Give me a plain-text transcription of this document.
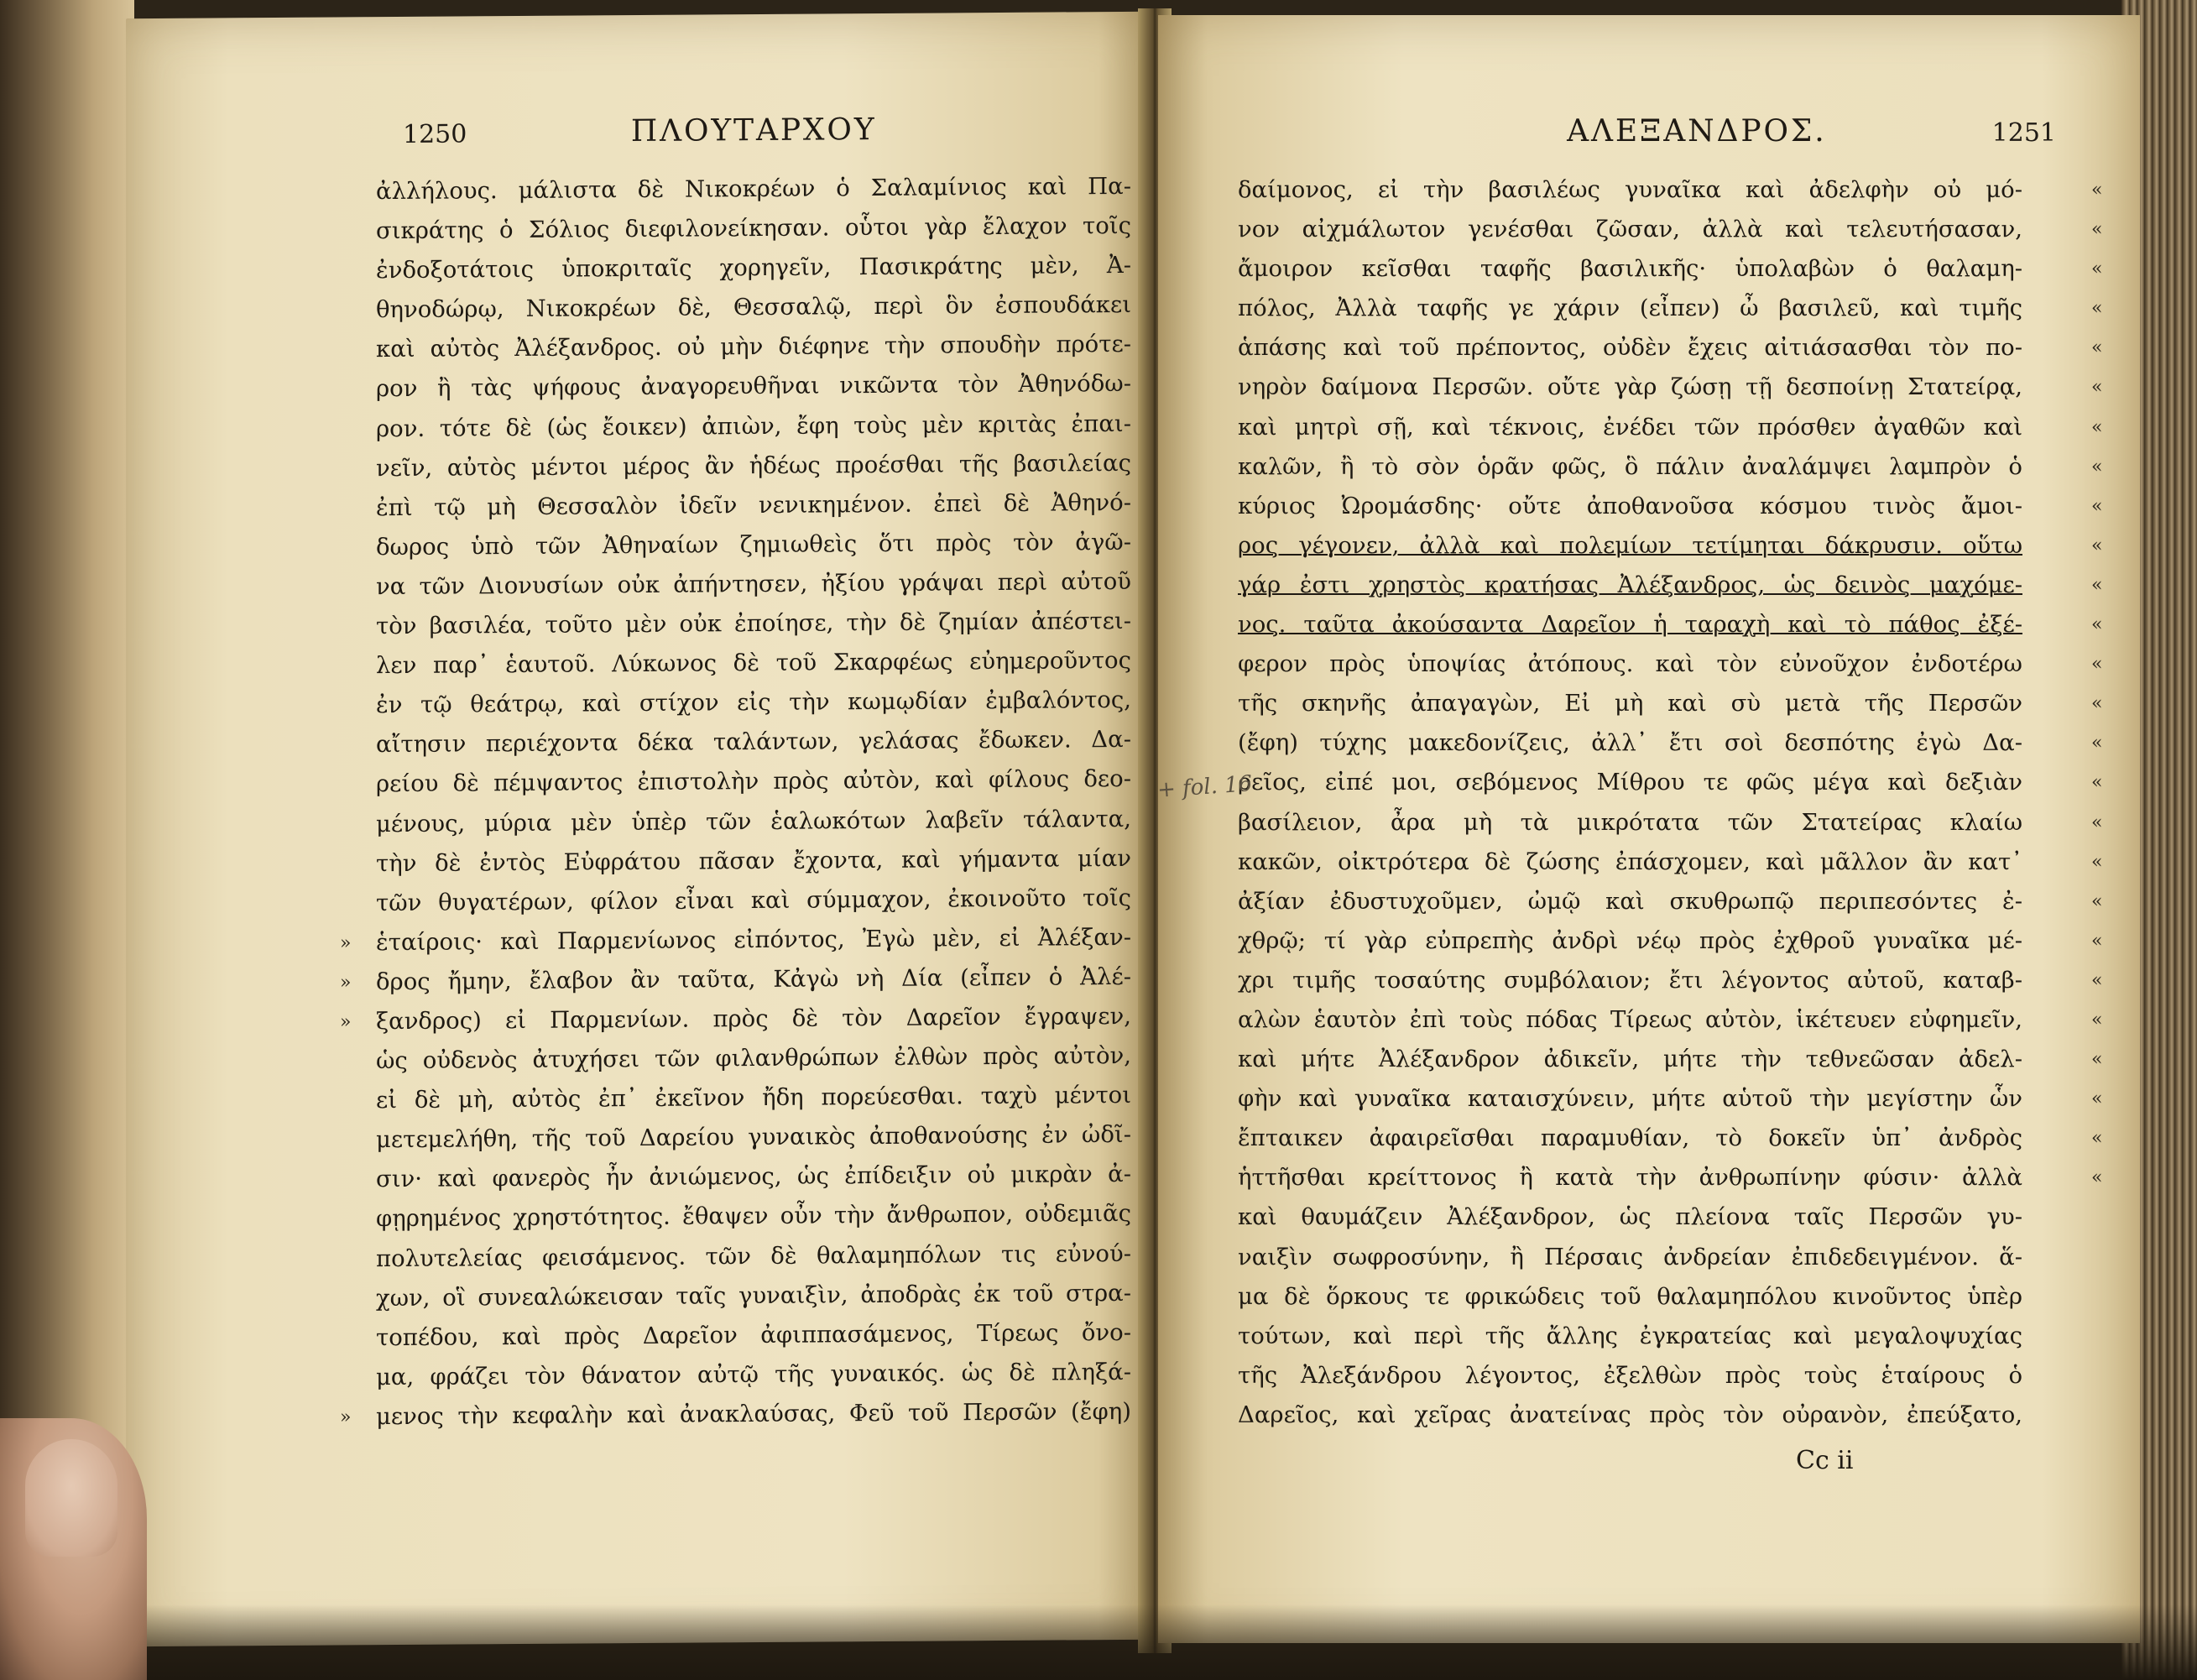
1250	ΠΛΟΥΤΑΡΧΟΥ
»
»
»
»
ἀλλήλους. μάλιστα δὲ Νικοκρέων ὁ Σαλαμίνιος καὶ Πα-
σικράτης ὁ Σόλιος διεφιλονείκησαν. οὗτοι γὰρ ἔλαχον τοῖς
ἐνδοξοτάτοις ὑποκριταῖς χορηγεῖν, Πασικράτης μὲν, Ἀ-
θηνοδώρῳ, Νικοκρέων δὲ, Θεσσαλῷ, περὶ ὃν ἐσπουδάκει
καὶ αὐτὸς Ἀλέξανδρος. οὐ μὴν διέφηνε τὴν σπουδὴν πρότε-
ρον ἢ τὰς ψήφους ἀναγορευθῆναι νικῶντα τὸν Ἀθηνόδω-
ρον. τότε δὲ (ὡς ἔοικεν) ἀπιὼν, ἔφη τοὺς μὲν κριτὰς ἐπαι-
νεῖν, αὐτὸς μέντοι μέρος ἂν ἡδέως προέσθαι τῆς βασιλείας
ἐπὶ τῷ μὴ Θεσσαλὸν ἰδεῖν νενικημένον. ἐπεὶ δὲ Ἀθηνό-
δωρος ὑπὸ τῶν Ἀθηναίων ζημιωθεὶς ὅτι πρὸς τὸν ἀγῶ-
να τῶν Διονυσίων οὐκ ἀπήντησεν, ἠξίου γράψαι περὶ αὐτοῦ
τὸν βασιλέα, τοῦτο μὲν οὐκ ἐποίησε, τὴν δὲ ζημίαν ἀπέστει-
λεν παρ᾽ ἑαυτοῦ. Λύκωνος δὲ τοῦ Σκαρφέως εὐημεροῦντος
ἐν τῷ θεάτρῳ, καὶ στίχον εἰς τὴν κωμῳδίαν ἐμβαλόντος,
αἴτησιν περιέχοντα δέκα ταλάντων, γελάσας ἔδωκεν. Δα-
ρείου δὲ πέμψαντος ἐπιστολὴν πρὸς αὐτὸν, καὶ φίλους δεο-
μένους, μύρια μὲν ὑπὲρ τῶν ἑαλωκότων λαβεῖν τάλαντα,
τὴν δὲ ἐντὸς Εὐφράτου πᾶσαν ἔχοντα, καὶ γήμαντα μίαν
τῶν θυγατέρων, φίλον εἶναι καὶ σύμμαχον, ἐκοινοῦτο τοῖς
ἑταίροις· καὶ Παρμενίωνος εἰπόντος, Ἐγὼ μὲν, εἰ Ἀλέξαν-
δρος ἤμην, ἔλαβον ἂν ταῦτα, Κἀγὼ νὴ Δία (εἶπεν ὁ Ἀλέ-
ξανδρος) εἰ Παρμενίων. πρὸς δὲ τὸν Δαρεῖον ἔγραψεν,
ὡς οὐδενὸς ἀτυχήσει τῶν φιλανθρώπων ἐλθὼν πρὸς αὐτὸν,
εἰ δὲ μὴ, αὐτὸς ἐπ᾽ ἐκεῖνον ἤδη πορεύεσθαι. ταχὺ μέντοι
μετεμελήθη, τῆς τοῦ Δαρείου γυναικὸς ἀποθανούσης ἐν ὠδῖ-
σιν· καὶ φανερὸς ἦν ἀνιώμενος, ὡς ἐπίδειξιν οὐ μικρὰν ἀ-
φῃρημένος χρηστότητος. ἔθαψεν οὖν τὴν ἄνθρωπον, οὐδεμιᾶς
πολυτελείας φεισάμενος. τῶν δὲ θαλαμηπόλων τις εὐνού-
χων, οἳ συνεαλώκεισαν ταῖς γυναιξὶν, ἀποδρὰς ἐκ τοῦ στρα-
τοπέδου, καὶ πρὸς Δαρεῖον ἀφιππασάμενος, Τίρεως ὄνο-
μα, φράζει τὸν θάνατον αὐτῷ τῆς γυναικός. ὡς δὲ πληξά-
μενος τὴν κεφαλὴν καὶ ἀνακλαύσας, Φεῦ τοῦ Περσῶν (ἔφη)
ΑΛΕΞΑΝΔΡΟΣ.	1251
δαίμονος, εἰ τὴν βασιλέως γυναῖκα καὶ ἀδελφὴν οὐ μό-
νον αἰχμάλωτον γενέσθαι ζῶσαν, ἀλλὰ καὶ τελευτήσασαν,
ἄμοιρον κεῖσθαι ταφῆς βασιλικῆς· ὑπολαβὼν ὁ θαλαμη-
πόλος, Ἀλλὰ ταφῆς γε χάριν (εἶπεν) ὦ βασιλεῦ, καὶ τιμῆς
ἁπάσης καὶ τοῦ πρέποντος, οὐδὲν ἔχεις αἰτιάσασθαι τὸν πο-
νηρὸν δαίμονα Περσῶν. οὔτε γὰρ ζώσῃ τῇ δεσποίνῃ Στατείρᾳ,
καὶ μητρὶ σῇ, καὶ τέκνοις, ἐνέδει τῶν πρόσθεν ἀγαθῶν καὶ
καλῶν, ἢ τὸ σὸν ὁρᾶν φῶς, ὃ πάλιν ἀναλάμψει λαμπρὸν ὁ
κύριος Ὠρομάσδης· οὔτε ἀποθανοῦσα κόσμου τινὸς ἄμοι-
ρος γέγονεν, ἀλλὰ καὶ πολεμίων τετίμηται δάκρυσιν. οὕτω
γάρ ἐστι χρηστὸς κρατήσας Ἀλέξανδρος, ὡς δεινὸς μαχόμε-
νος. ταῦτα ἀκούσαντα Δαρεῖον ἡ ταραχὴ καὶ τὸ πάθος ἐξέ-
φερον πρὸς ὑποψίας ἀτόπους. καὶ τὸν εὐνοῦχον ἐνδοτέρω
τῆς σκηνῆς ἀπαγαγὼν, Εἰ μὴ καὶ σὺ μετὰ τῆς Περσῶν
(ἔφη) τύχης μακεδονίζεις, ἀλλ᾽ ἔτι σοὶ δεσπότης ἐγὼ Δα-
ρεῖος, εἰπέ μοι, σεβόμενος Μίθρου τε φῶς μέγα καὶ δεξιὰν
βασίλειον, ἆρα μὴ τὰ μικρότατα τῶν Στατείρας κλαίω
κακῶν, οἰκτρότερα δὲ ζώσης ἐπάσχομεν, καὶ μᾶλλον ἂν κατ᾽
ἀξίαν ἐδυστυχοῦμεν, ὠμῷ καὶ σκυθρωπῷ περιπεσόντες ἐ-
χθρῷ; τί γὰρ εὐπρεπὴς ἀνδρὶ νέῳ πρὸς ἐχθροῦ γυναῖκα μέ-
χρι τιμῆς τοσαύτης συμβόλαιον; ἔτι λέγοντος αὐτοῦ, καταβ-
αλὼν ἑαυτὸν ἐπὶ τοὺς πόδας Τίρεως αὐτὸν, ἱκέτευεν εὐφημεῖν,
καὶ μήτε Ἀλέξανδρον ἀδικεῖν, μήτε τὴν τεθνεῶσαν ἀδελ-
φὴν καὶ γυναῖκα καταισχύνειν, μήτε αὑτοῦ τὴν μεγίστην ὧν
ἔπταικεν ἀφαιρεῖσθαι παραμυθίαν, τὸ δοκεῖν ὑπ᾽ ἀνδρὸς
ἡττῆσθαι κρείττονος ἢ κατὰ τὴν ἀνθρωπίνην φύσιν· ἀλλὰ
καὶ θαυμάζειν Ἀλέξανδρον, ὡς πλείονα ταῖς Περσῶν γυ-
ναιξὶν σωφροσύνην, ἢ Πέρσαις ἀνδρείαν ἐπιδεδειγμένον. ἅ-
μα δὲ ὅρκους τε φρικώδεις τοῦ θαλαμηπόλου κινοῦντος ὑπὲρ
τούτων, καὶ περὶ τῆς ἄλλης ἐγκρατείας καὶ μεγαλοψυχίας
τῆς Ἀλεξάνδρου λέγοντος, ἐξελθὼν πρὸς τοὺς ἑταίρους ὁ
Δαρεῖος, καὶ χεῖρας ἀνατείνας πρὸς τὸν οὐρανὸν, ἐπεύξατο,
«
«
«
«
«
«
«
«
«
«
«
«
«
«
«
«
«
«
«
«
«
«
«
«
«
«
+ fol. 16
Cc ii
